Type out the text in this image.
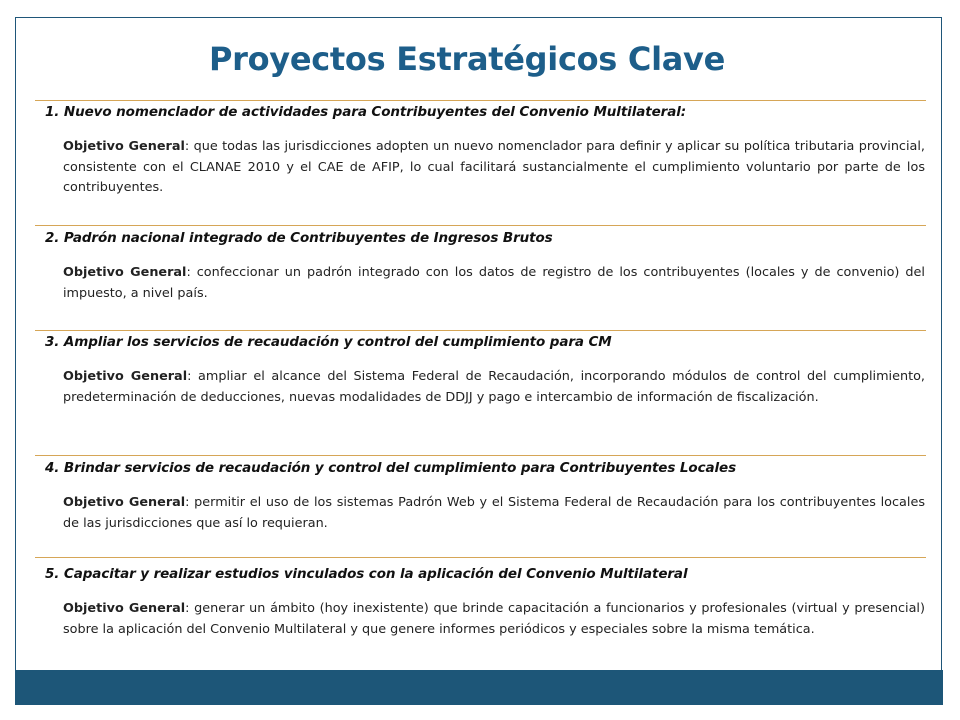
Proyectos Estratégicos Clave
1. Nuevo nomenclador de actividades para Contribuyentes del Convenio Multilateral:
Objetivo General: que todas las jurisdicciones adopten un nuevo nomenclador para definir y aplicar su política tributaria provincial, consistente con el CLANAE 2010 y el CAE de AFIP, lo cual facilitará sustancialmente el cumplimiento voluntario por parte de los contribuyentes.
2. Padrón nacional integrado de Contribuyentes de Ingresos Brutos
Objetivo General: confeccionar un padrón integrado con los datos de registro de los contribuyentes (locales y de convenio) del impuesto, a nivel país.
3. Ampliar los servicios de recaudación y control del cumplimiento para CM
Objetivo General: ampliar el alcance del Sistema Federal de Recaudación, incorporando módulos de control del cumplimiento, predeterminación de deducciones, nuevas modalidades de DDJJ y pago e intercambio de información de fiscalización.
4. Brindar servicios de recaudación y control del cumplimiento para Contribuyentes Locales
Objetivo General: permitir el uso de los sistemas Padrón Web y el Sistema Federal de Recaudación para los contribuyentes locales de las jurisdicciones que así lo requieran.
5. Capacitar y realizar estudios vinculados con la aplicación del Convenio Multilateral
Objetivo General: generar un ámbito (hoy inexistente) que brinde capacitación a funcionarios y profesionales (virtual y presencial) sobre la aplicación del Convenio Multilateral y que genere informes periódicos y especiales sobre la misma temática.
